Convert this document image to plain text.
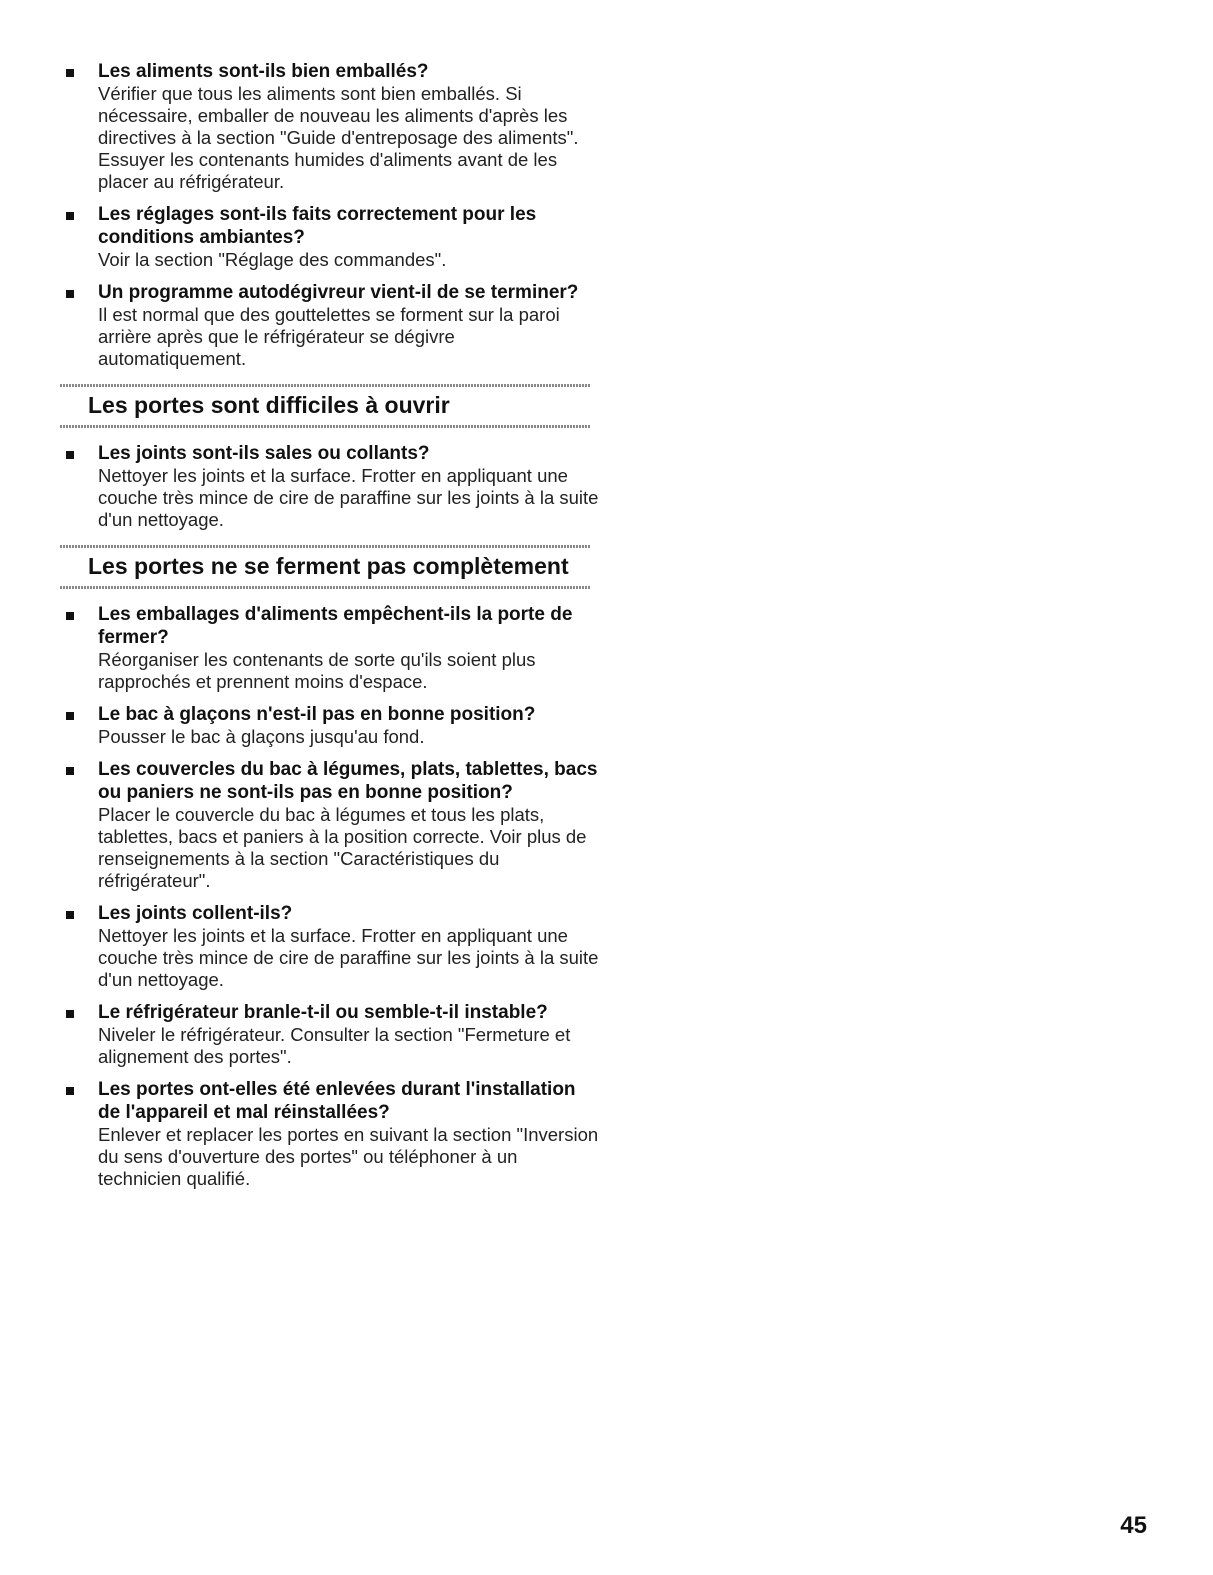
Les aliments sont-ils bien emballés?
Vérifier que tous les aliments sont bien emballés. Si nécessaire, emballer de nouveau les aliments d'après les directives à la section "Guide d'entreposage des aliments". Essuyer les contenants humides d'aliments avant de les placer au réfrigérateur.
Les réglages sont-ils faits correctement pour les conditions ambiantes?
Voir la section "Réglage des commandes".
Un programme autodégivreur vient-il de se terminer?
Il est normal que des gouttelettes se forment sur la paroi arrière après que le réfrigérateur se dégivre automatiquement.
Les portes sont difficiles à ouvrir
Les joints sont-ils sales ou collants?
Nettoyer les joints et la surface. Frotter en appliquant une couche très mince de cire de paraffine sur les joints à la suite d'un nettoyage.
Les portes ne se ferment pas complètement
Les emballages d'aliments empêchent-ils la porte de fermer?
Réorganiser les contenants de sorte qu'ils soient plus rapprochés et prennent moins d'espace.
Le bac à glaçons n'est-il pas en bonne position?
Pousser le bac à glaçons jusqu'au fond.
Les couvercles du bac à légumes, plats, tablettes, bacs ou paniers ne sont-ils pas en bonne position?
Placer le couvercle du bac à légumes et tous les plats, tablettes, bacs et paniers à la position correcte. Voir plus de renseignements à la section "Caractéristiques du réfrigérateur".
Les joints collent-ils?
Nettoyer les joints et la surface. Frotter en appliquant une couche très mince de cire de paraffine sur les joints à la suite d'un nettoyage.
Le réfrigérateur branle-t-il ou semble-t-il instable?
Niveler le réfrigérateur. Consulter la section "Fermeture et alignement des portes".
Les portes ont-elles été enlevées durant l'installation de l'appareil et mal réinstallées?
Enlever et replacer les portes en suivant la section "Inversion du sens d'ouverture des portes" ou téléphoner à un technicien qualifié.
45
